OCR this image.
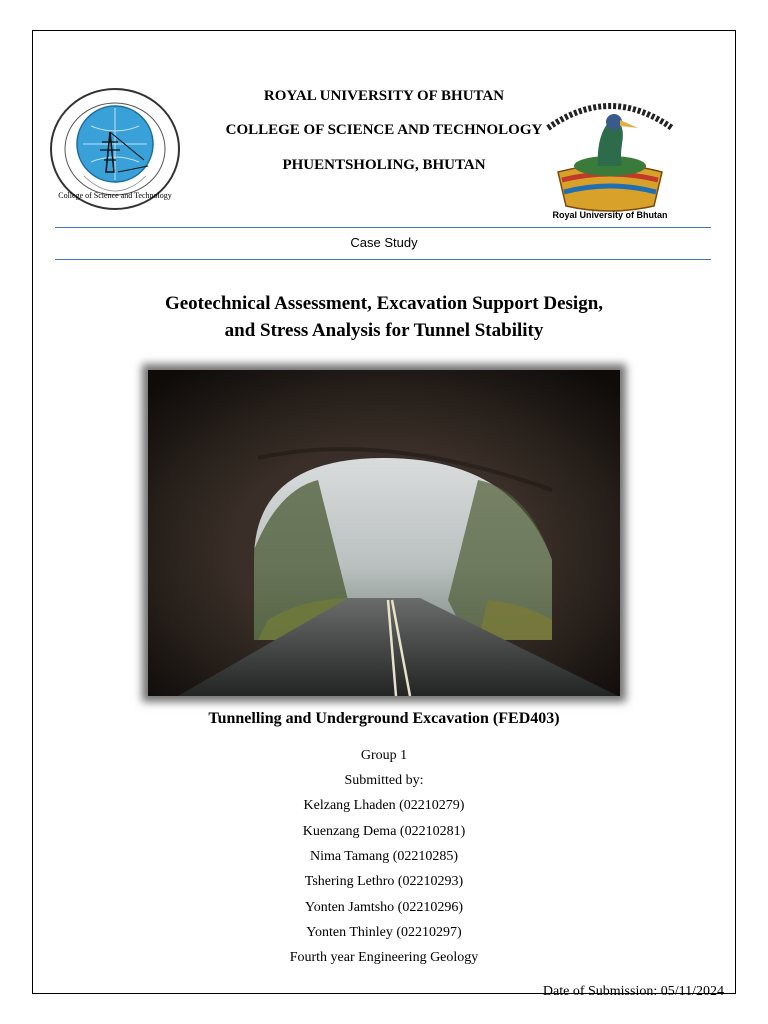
College of Science and Technology
Royal University of Bhutan
ROYAL UNIVERSITY OF BHUTAN
COLLEGE OF SCIENCE AND TECHNOLOGY
PHUENTSHOLING, BHUTAN
Case Study
Geotechnical Assessment, Excavation Support Design,
and Stress Analysis for Tunnel Stability
Tunnelling and Underground Excavation (FED403)
Group 1
Submitted by:
Kelzang Lhaden (02210279)
Kuenzang Dema (02210281)
Nima Tamang (02210285)
Tshering Lethro (02210293)
Yonten Jamtsho (02210296)
Yonten Thinley (02210297)
Fourth year Engineering Geology
Date of Submission: 05/11/2024
